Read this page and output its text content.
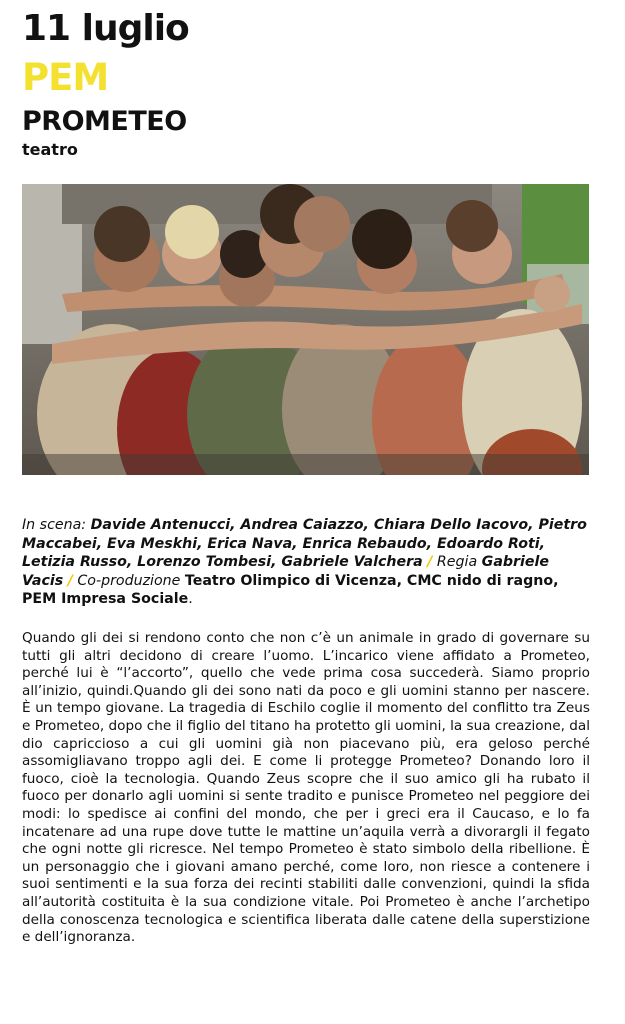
11 luglio
PEM
PROMETEO
teatro
In scena: Davide Antenucci, Andrea Caiazzo, Chiara Dello Iacovo, Pietro Maccabei, Eva Meskhi, Erica Nava, Enrica Rebaudo, Edoardo Roti, Letizia Russo, Lorenzo Tombesi, Gabriele Valchera / Regia Gabriele Vacis / Co-produzione Teatro Olimpico di Vicenza, CMC nido di ragno, PEM Impresa Sociale.

Quando gli dei si rendono conto che non c’è un animale in grado di governare su tutti gli altri decidono di creare l’uomo. L’incarico viene affidato a Prometeo, perché lui è “l’accorto”, quello che vede prima cosa succederà. Siamo proprio all’inizio, quindi.Quando gli dei sono nati da poco e gli uomini stanno per nascere. È un tempo giovane. La tragedia di Eschilo coglie il momento del conflitto tra Zeus e Prometeo, dopo che il figlio del titano ha protetto gli uomini, la sua creazione, dal dio capriccioso a cui gli uomini già non piacevano più, era geloso perché assomigliavano troppo agli dei. E come li protegge Prometeo? Donando loro il fuoco, cioè la tecnologia. Quando Zeus scopre che il suo amico gli ha rubato il fuoco per donarlo agli uomini si sente tradito e punisce Prometeo nel peggiore dei modi: lo spedisce ai confini del mondo, che per i greci era il Caucaso, e lo fa incatenare ad una rupe dove tutte le mattine un’aquila verrà a divorargli il fegato che ogni notte gli ricresce. Nel tempo Prometeo è stato simbolo della ribellione. È un personaggio che i giovani amano perché, come loro, non riesce a contenere i suoi sentimenti e la sua forza dei recinti stabiliti dalle convenzioni, quindi la sfida all’autorità costituita è la sua condizione vitale. Poi Prometeo è anche l’archetipo della conoscenza tecnologica e scientifica liberata dalle catene della superstizione e dell’ignoranza.
